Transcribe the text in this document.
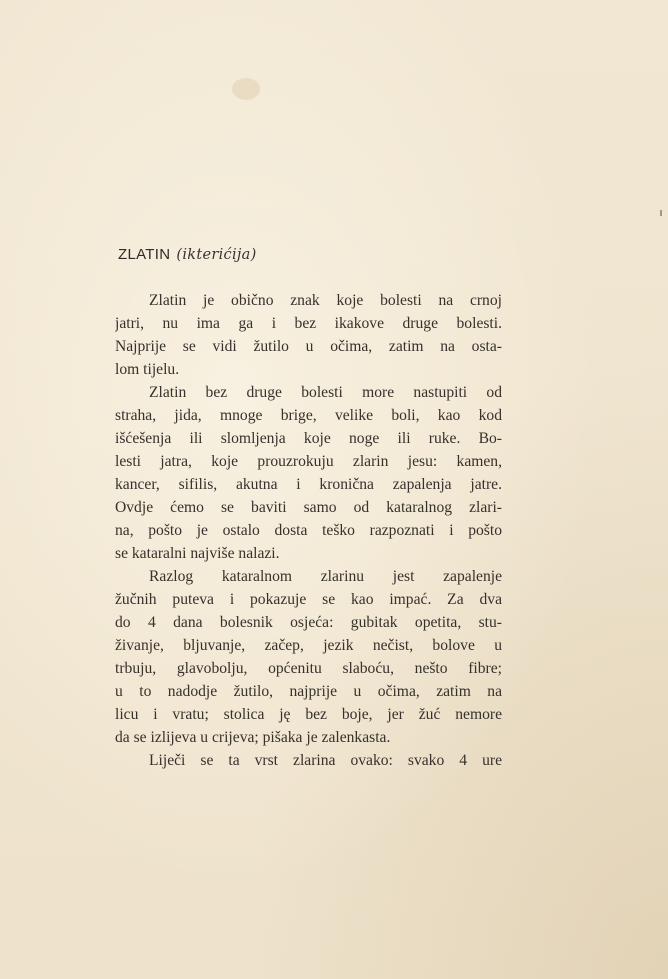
ZLATIN (ikterićija)
Zlatin je obično znak koje bolesti na crnoj
jatri, nu ima ga i bez ikakove druge bolesti.
Najprije se vidi žutilo u očima, zatim na osta-
lom tijelu.
Zlatin bez druge bolesti more nastupiti od
straha, jida, mnoge brige, velike boli, kao kod
išćešenja ili slomljenja koje noge ili ruke. Bo-
lesti jatra, koje prouzrokuju zlarin jesu: kamen,
kancer, sifilis, akutna i kronična zapalenja jatre.
Ovdje ćemo se baviti samo od kataralnog zlari-
na, pošto je ostalo dosta teško razpoznati i pošto
se kataralni najviše nalazi.
Razlog kataralnom zlarinu jest zapalenje
žučnih puteva i pokazuje se kao impać. Za dva
do 4 dana bolesnik osjeća: gubitak opetita, stu-
živanje, bljuvanje, začep, jezik nečist, bolove u
trbuju, glavobolju, općenitu slaboću, nešto fibre;
u to nadodje žutilo, najprije u očima, zatim na
licu i vratu; stolica ję bez boje, jer žuć nemore
da se izlijeva u crijeva; pišaka je zalenkasta.
Liječi se ta vrst zlarina ovako: svako 4 ure
